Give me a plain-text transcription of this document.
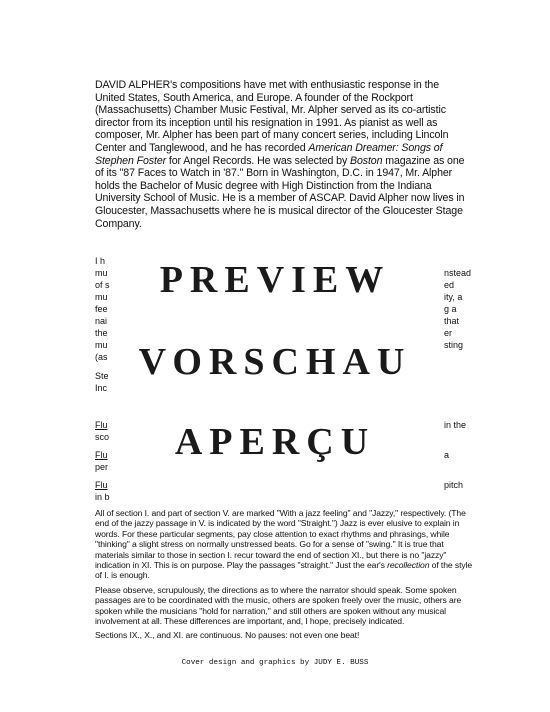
DAVID ALPHER's compositions have met with enthusiastic response in the United States, South America, and Europe. A founder of the Rockport (Massachusetts) Chamber Music Festival, Mr. Alpher served as its co-artistic director from its inception until his resignation in 1991. As pianist as well as composer, Mr. Alpher has been part of many concert series, including Lincoln Center and Tanglewood, and he has recorded American Dreamer: Songs of Stephen Foster for Angel Records. He was selected by Boston magazine as one of its "87 Faces to Watch in '87." Born in Washington, D.C. in 1947, Mr. Alpher holds the Bachelor of Music degree with High Distinction from the Indiana University School of Music. He is a member of ASCAP. David Alpher now lives in Gloucester, Massachusetts where he is musical director of the Gloucester Stage Company.

I h

mu

of s

mu

fee

nai

the

mu

(as

Ste

Inc

Flu

sco

Flu

per

Flu

in b

nstead

ed

ity, a

g a

that

er

sting

in the

a

pitch

PREVIEW

VORSCHAU

APERÇU

All of section I. and part of section V. are marked "With a jazz feeling" and "Jazzy," respectively. (The end of the jazzy passage in V. is indicated by the word "Straight.") Jazz is ever elusive to explain in words. For these particular segments, pay close attention to exact rhythms and phrasings, while "thinking" a slight stress on normally unstressed beats. Go for a sense of "swing." It is true that materials similar to those in section I. recur toward the end of section XI., but there is no "jazzy" indication in XI. This is on purpose. Play the passages "straight." Just the ear's recollection of the style of I. is enough.

Please observe, scrupulously, the directions as to where the narrator should speak. Some spoken passages are to be coordinated with the music, others are spoken freely over the music, others are spoken while the musicians "hold for narration," and still others are spoken without any musical involvement at all. These differences are important, and, I hope, precisely indicated.

Sections IX., X., and XI. are continuous. No pauses: not even one beat!

Cover design and graphics by JUDY E. BUSS
